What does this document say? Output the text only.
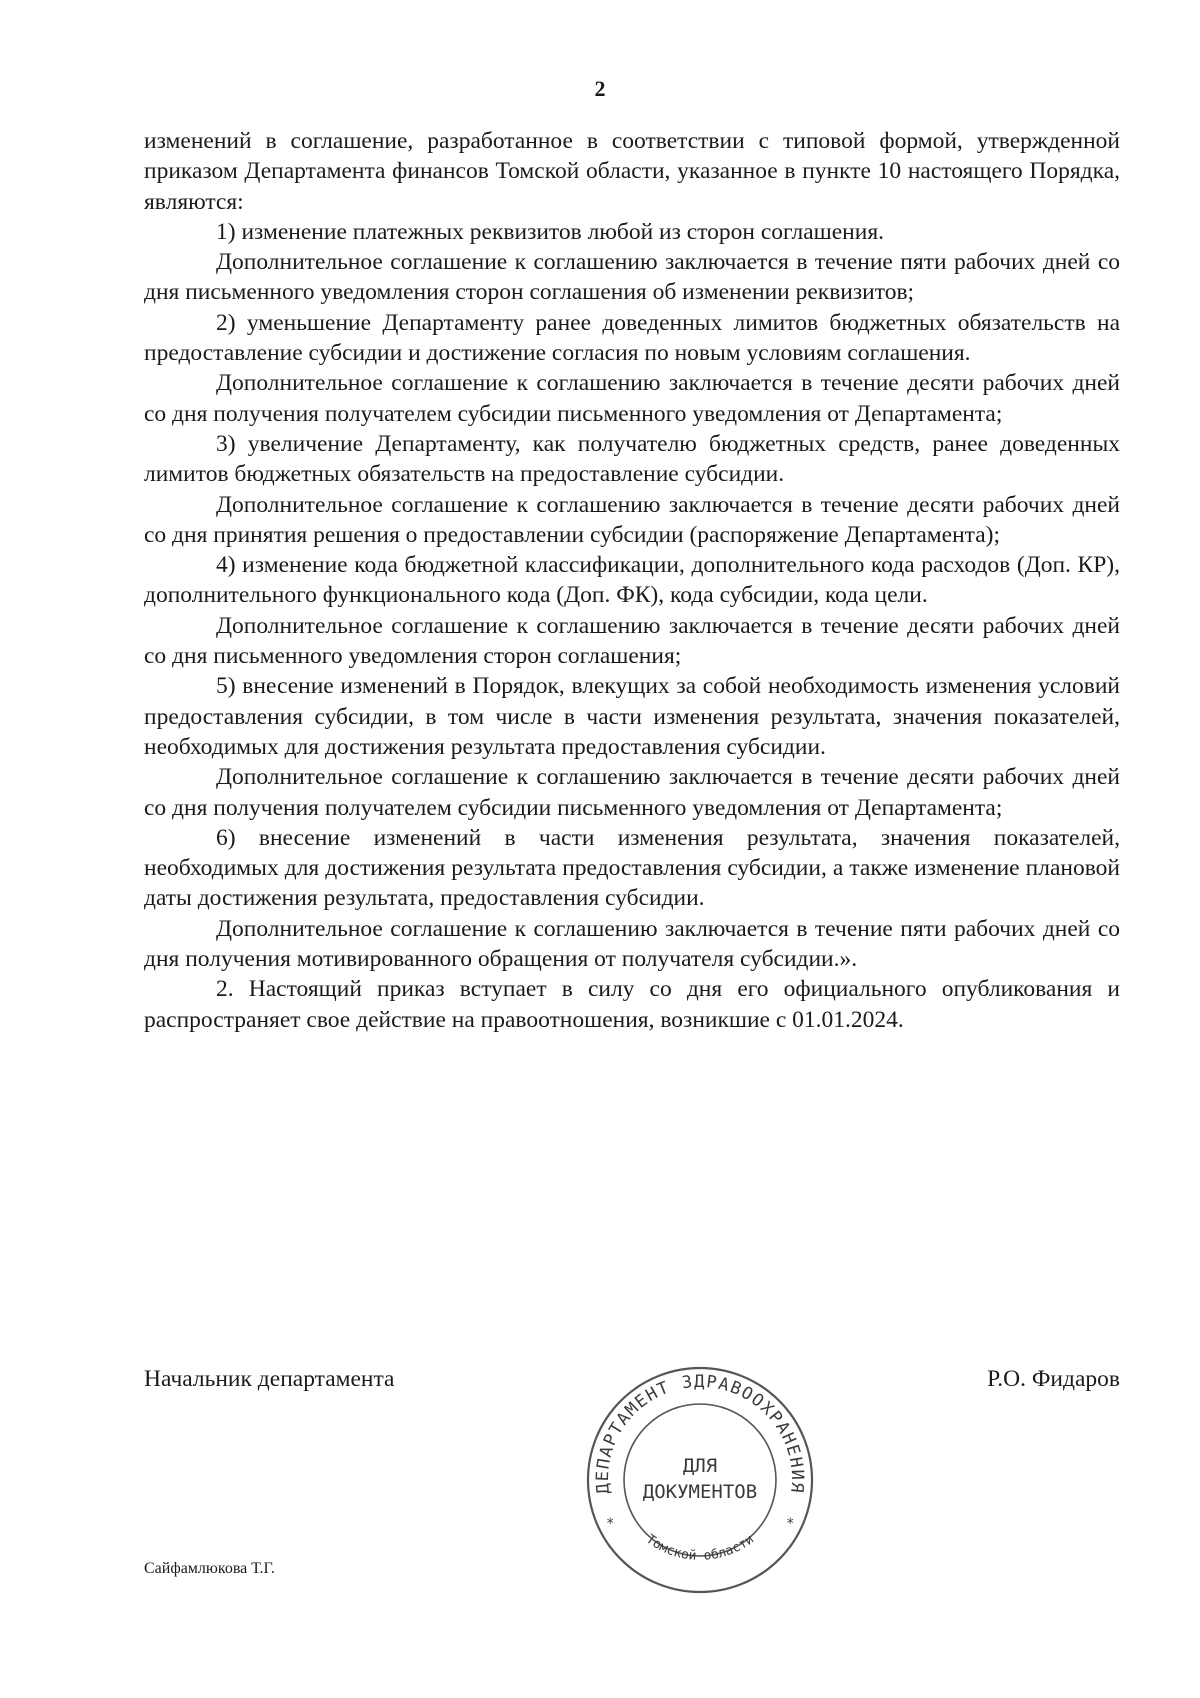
2

изменений в соглашение, разработанное в соответствии с типовой формой, утвержденной приказом Департамента финансов Томской области, указанное в пункте 10 настоящего Порядка, являются:

1) изменение платежных реквизитов любой из сторон соглашения.

Дополнительное соглашение к соглашению заключается в течение пяти рабочих дней со дня письменного уведомления сторон соглашения об изменении реквизитов;

2) уменьшение Департаменту ранее доведенных лимитов бюджетных обязательств на предоставление субсидии и достижение согласия по новым условиям соглашения.

Дополнительное соглашение к соглашению заключается в течение десяти рабочих дней со дня получения получателем субсидии письменного уведомления от Департамента;

3) увеличение Департаменту, как получателю бюджетных средств, ранее доведенных лимитов бюджетных обязательств на предоставление субсидии.

Дополнительное соглашение к соглашению заключается в течение десяти рабочих дней со дня принятия решения о предоставлении субсидии (распоряжение Департамента);

4) изменение кода бюджетной классификации, дополнительного кода расходов (Доп. КР), дополнительного функционального кода (Доп. ФК), кода субсидии, кода цели.

Дополнительное соглашение к соглашению заключается в течение десяти рабочих дней со дня письменного уведомления сторон соглашения;

5) внесение изменений в Порядок, влекущих за собой необходимость изменения условий предоставления субсидии, в том числе в части изменения результата, значения показателей, необходимых для достижения результата предоставления субсидии.

Дополнительное соглашение к соглашению заключается в течение десяти рабочих дней со дня получения получателем субсидии письменного уведомления от Департамента;

6) внесение изменений в части изменения результата, значения показателей, необходимых для достижения результата предоставления субсидии, а также изменение плановой даты достижения результата, предоставления субсидии.

Дополнительное соглашение к соглашению заключается в течение пяти рабочих дней со дня получения мотивированного обращения от получателя субсидии.».

2. Настоящий приказ вступает в силу со дня его официального опубликования и распространяет свое действие на правоотношения, возникшие с 01.01.2024.

Начальник департамента	Р.О. Фидаров
ДЕПАРТАМЕНТ ЗДРАВООХРАНЕНИЯ
Томской области
*	*
ДЛЯ
ДОКУМЕНТОВ
Сайфамлюкова Т.Г.
